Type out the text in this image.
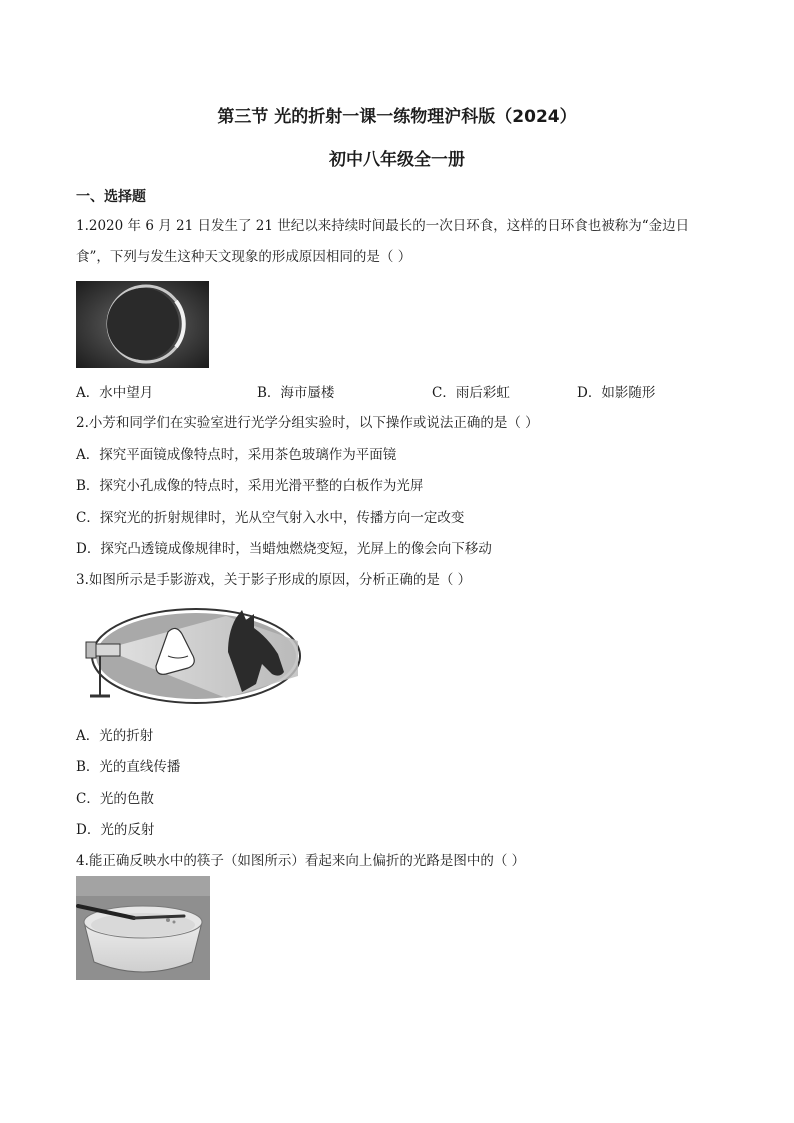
第三节 光的折射一课一练物理沪科版（2024）
初中八年级全一册
一、选择题
1.2020 年 6 月 21 日发生了 21 世纪以来持续时间最长的一次日环食，这样的日环食也被称为“金边日
食”，下列与发生这种天文现象的形成原因相同的是（ ）
A．水中望月	B．海市蜃楼	C．雨后彩虹	D．如影随形
2.小芳和同学们在实验室进行光学分组实验时，以下操作或说法正确的是（ ）
A．探究平面镜成像特点时，采用茶色玻璃作为平面镜
B．探究小孔成像的特点时，采用光滑平整的白板作为光屏
C．探究光的折射规律时，光从空气射入水中，传播方向一定改变
D．探究凸透镜成像规律时，当蜡烛燃烧变短，光屏上的像会向下移动
3.如图所示是手影游戏，关于影子形成的原因，分析正确的是（ ）
A．光的折射
B．光的直线传播
C．光的色散
D．光的反射
4.能正确反映水中的筷子（如图所示）看起来向上偏折的光路是图中的（ ）
